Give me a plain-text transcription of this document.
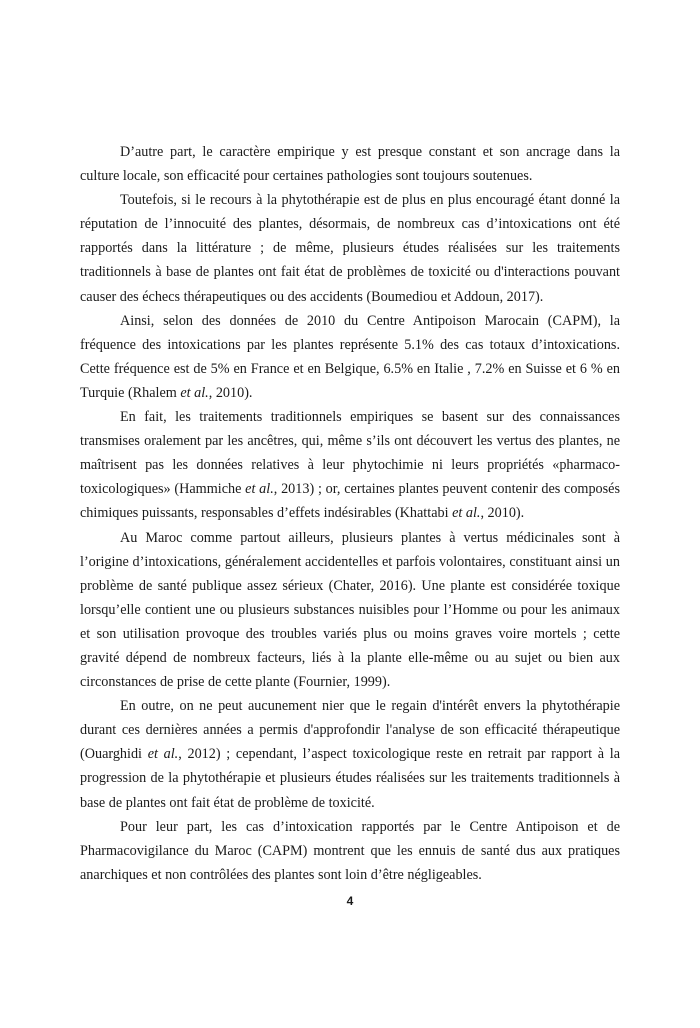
D’autre part, le caractère empirique y est presque constant et son ancrage dans la culture locale, son efficacité pour certaines pathologies sont toujours soutenues.

Toutefois, si le recours à la phytothérapie est de plus en plus encouragé étant donné la réputation de l’innocuité des plantes, désormais, de nombreux cas d’intoxications ont été rapportés dans la littérature ; de même, plusieurs études réalisées sur les traitements traditionnels à base de plantes ont fait état de problèmes de toxicité ou d'interactions pouvant causer des échecs thérapeutiques ou des accidents (Boumediou et Addoun, 2017).

Ainsi, selon des données de 2010 du Centre Antipoison Marocain (CAPM), la fréquence des intoxications par les plantes représente 5.1% des cas totaux d’intoxications. Cette fréquence est de 5% en France et en Belgique, 6.5% en Italie , 7.2% en Suisse et 6 % en Turquie (Rhalem et al., 2010).

En fait, les traitements traditionnels empiriques se basent sur des connaissances transmises oralement par les ancêtres, qui, même s’ils ont découvert les vertus des plantes, ne maîtrisent pas les données relatives à leur phytochimie ni leurs propriétés «pharmaco-toxicologiques» (Hammiche et al., 2013) ; or, certaines plantes peuvent contenir des composés chimiques puissants, responsables d’effets indésirables (Khattabi et al., 2010).

Au Maroc comme partout ailleurs, plusieurs plantes à vertus médicinales sont à l’origine d’intoxications, généralement accidentelles et parfois volontaires, constituant ainsi un problème de santé publique assez sérieux (Chater, 2016). Une plante est considérée toxique lorsqu’elle contient une ou plusieurs substances nuisibles pour l’Homme ou pour les animaux et son utilisation provoque des troubles variés plus ou moins graves voire mortels ; cette gravité dépend de nombreux facteurs, liés à la plante elle-même ou au sujet ou bien aux circonstances de prise de cette plante (Fournier, 1999).

En outre, on ne peut aucunement nier que le regain d'intérêt envers la phytothérapie durant ces dernières années a permis d'approfondir l'analyse de son efficacité thérapeutique (Ouarghidi et al., 2012) ; cependant, l’aspect toxicologique reste en retrait par rapport à la progression de la phytothérapie et plusieurs études réalisées sur les traitements traditionnels à base de plantes ont fait état de problème de toxicité.

Pour leur part, les cas d’intoxication rapportés par le Centre Antipoison et de Pharmacovigilance du Maroc (CAPM) montrent que les ennuis de santé dus aux pratiques anarchiques et non contrôlées des plantes sont loin d’être négligeables.

4
